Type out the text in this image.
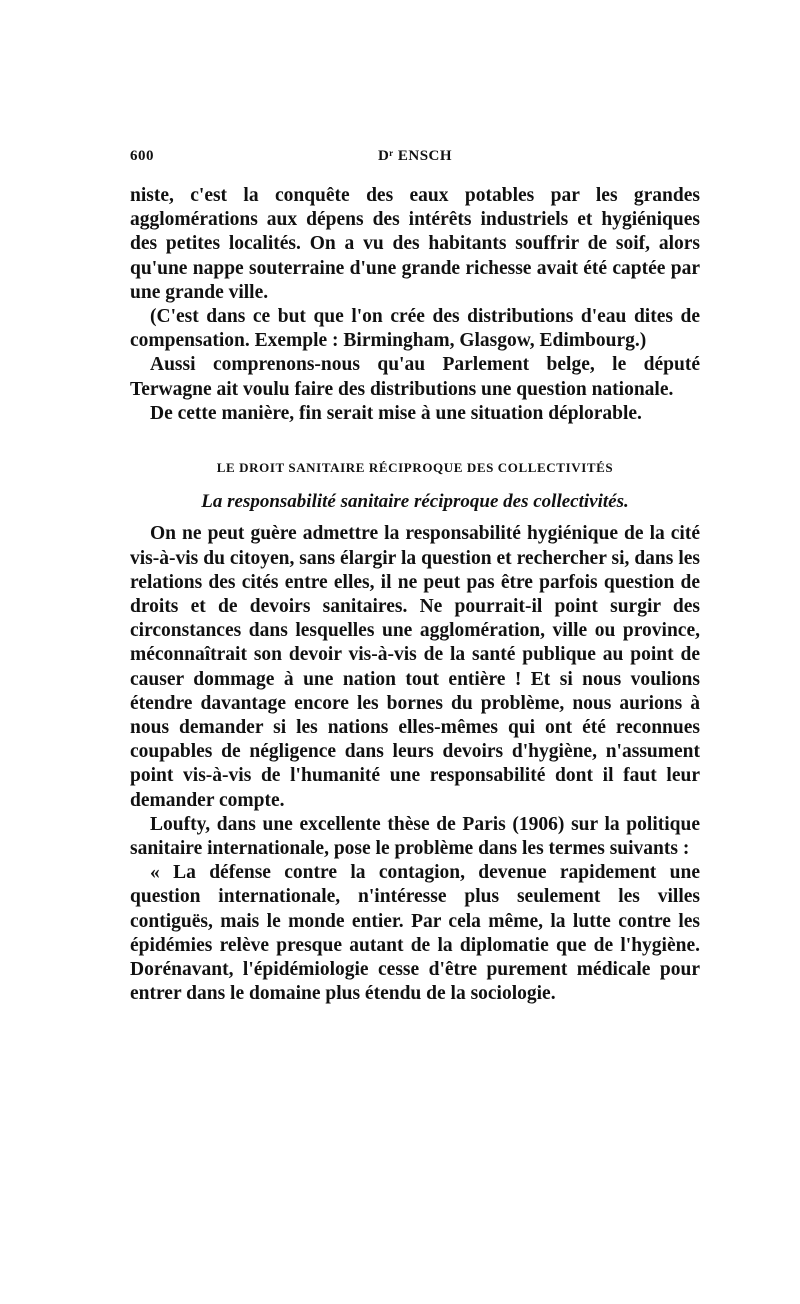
600	Dʳ ENSCH

niste, c'est la conquête des eaux potables par les grandes agglomérations aux dépens des intérêts industriels et hygiéniques des petites localités. On a vu des habitants souffrir de soif, alors qu'une nappe souterraine d'une grande richesse avait été captée par une grande ville.

(C'est dans ce but que l'on crée des distributions d'eau dites de compensation. Exemple : Birmingham, Glasgow, Edimbourg.)

Aussi comprenons-nous qu'au Parlement belge, le député Terwagne ait voulu faire des distributions une question nationale.

De cette manière, fin serait mise à une situation déplorable.

LE DROIT SANITAIRE RÉCIPROQUE DES COLLECTIVITÉS
La responsabilité sanitaire réciproque des collectivités.

On ne peut guère admettre la responsabilité hygiénique de la cité vis-à-vis du citoyen, sans élargir la question et rechercher si, dans les relations des cités entre elles, il ne peut pas être parfois question de droits et de devoirs sanitaires. Ne pourrait-il point surgir des circonstances dans lesquelles une agglomération, ville ou province, méconnaîtrait son devoir vis-à-vis de la santé publique au point de causer dommage à une nation tout entière ! Et si nous voulions étendre davantage encore les bornes du problème, nous aurions à nous demander si les nations elles-mêmes qui ont été reconnues coupables de négligence dans leurs devoirs d'hygiène, n'assument point vis-à-vis de l'humanité une responsabilité dont il faut leur demander compte.

Loufty, dans une excellente thèse de Paris (1906) sur la politique sanitaire internationale, pose le problème dans les termes suivants :

« La défense contre la contagion, devenue rapidement une question internationale, n'intéresse plus seulement les villes contiguës, mais le monde entier. Par cela même, la lutte contre les épidémies relève presque autant de la diplomatie que de l'hygiène. Dorénavant, l'épidémiologie cesse d'être purement médicale pour entrer dans le domaine plus étendu de la sociologie.
